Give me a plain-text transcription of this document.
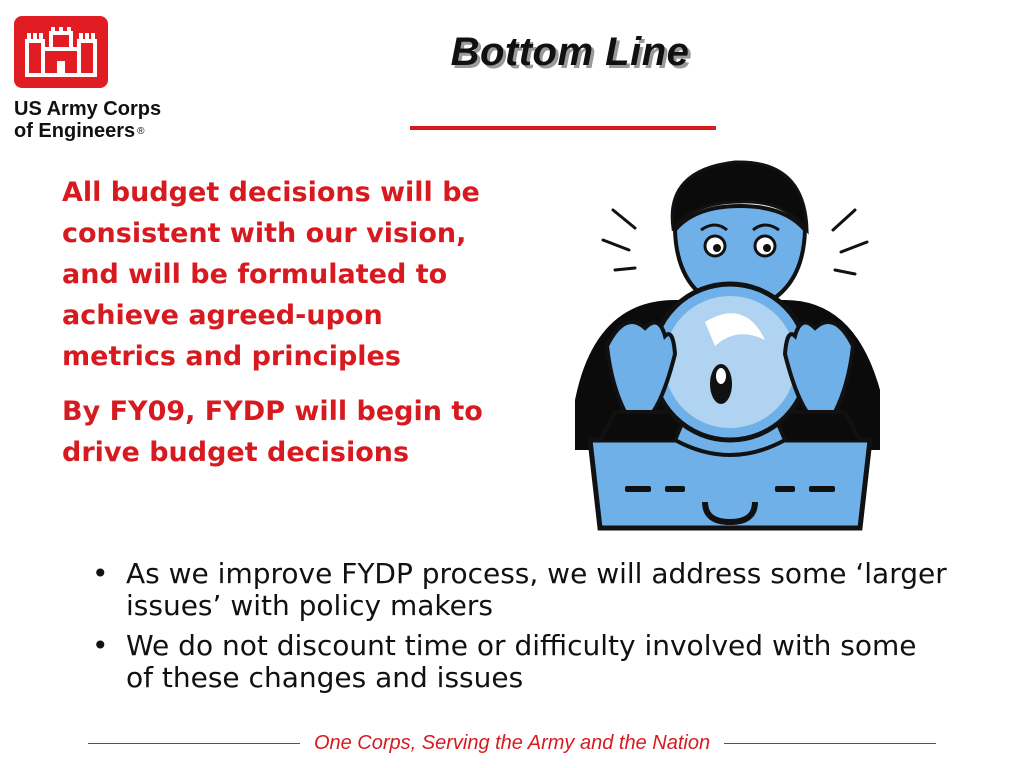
US Army Corps
of Engineers ®
Bottom Line

All budget decisions will be consistent with our vision, and will be formulated to achieve agreed-upon metrics and principles

By FY09, FYDP will begin to drive budget decisions

• As we improve FYDP process, we will address some ‘larger issues’ with policy makers
• We do not discount time or difficulty involved with some of these changes and issues
One Corps, Serving the Army and the Nation
